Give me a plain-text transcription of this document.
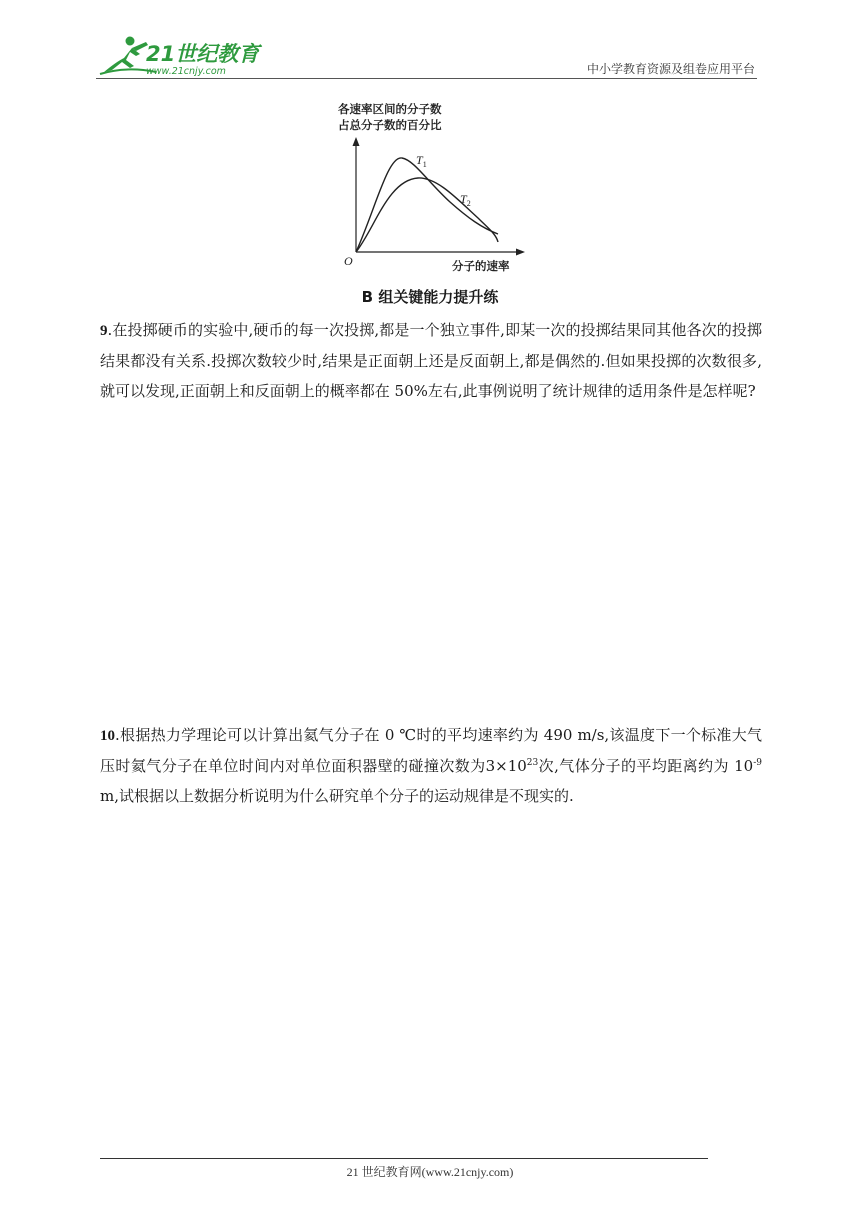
21世纪教育
www.21cnjy.com	中小学教育资源及组卷应用平台
各速率区间的分子数
占总分子数的百分比
$T_1$
$T_2$
O	分子的速率
B 组关键能力提升练
9.在投掷硬币的实验中,硬币的每一次投掷,都是一个独立事件,即某一次的投掷结果同其他各次的投掷结果都没有关系.投掷次数较少时,结果是正面朝上还是反面朝上,都是偶然的.但如果投掷的次数很多,就可以发现,正面朝上和反面朝上的概率都在 50%左右,此事例说明了统计规律的适用条件是怎样呢?
10.根据热力学理论可以计算出氦气分子在 0 ℃时的平均速率约为 490 m/s,该温度下一个标准大气压时氦气分子在单位时间内对单位面积器壁的碰撞次数为$3\times 10^{23}$次,气体分子的平均距离约为 $10^{-9}$ m,试根据以上数据分析说明为什么研究单个分子的运动规律是不现实的.
21 世纪教育网(www.21cnjy.com)
